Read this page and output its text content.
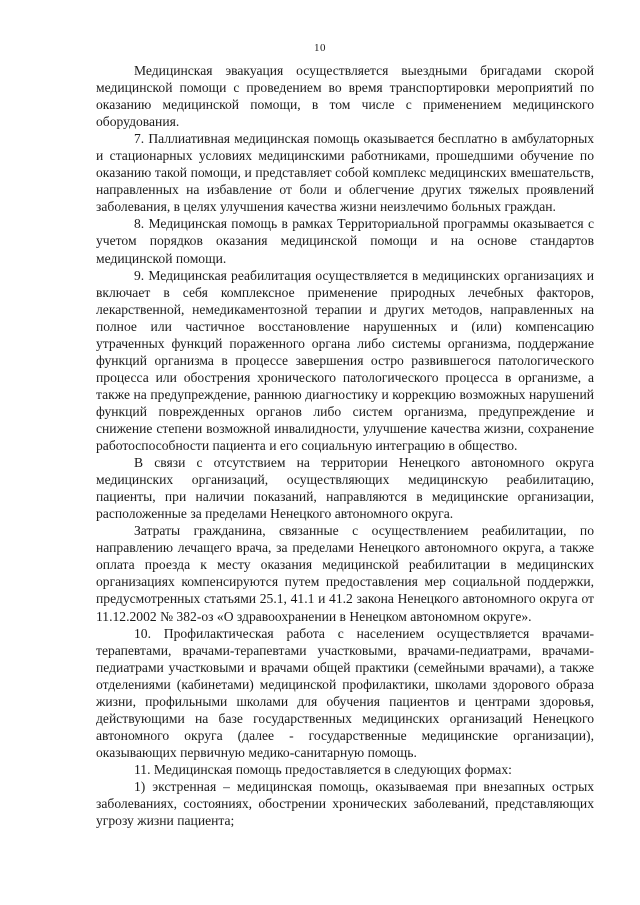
10

Медицинская эвакуация осуществляется выездными бригадами скорой медицинской помощи с проведением во время транспортировки мероприятий по оказанию медицинской помощи, в том числе с применением медицинского оборудования.

7. Паллиативная медицинская помощь оказывается бесплатно в амбулаторных и стационарных условиях медицинскими работниками, прошедшими обучение по оказанию такой помощи, и представляет собой комплекс медицинских вмешательств, направленных на избавление от боли и облегчение других тяжелых проявлений заболевания, в целях улучшения качества жизни неизлечимо больных граждан.

8. Медицинская помощь в рамках Территориальной программы оказывается с учетом порядков оказания медицинской помощи и на основе стандартов медицинской помощи.

9. Медицинская реабилитация осуществляется в медицинских организациях и включает в себя комплексное применение природных лечебных факторов, лекарственной, немедикаментозной терапии и других методов, направленных на полное или частичное восстановление нарушенных и (или) компенсацию утраченных функций пораженного органа либо системы организма, поддержание функций организма в процессе завершения остро развившегося патологического процесса или обострения хронического патологического процесса в организме, а также на предупреждение, раннюю диагностику и коррекцию возможных нарушений функций поврежденных органов либо систем организма, предупреждение и снижение степени возможной инвалидности, улучшение качества жизни, сохранение работоспособности пациента и его социальную интеграцию в общество.

В связи с отсутствием на территории Ненецкого автономного округа медицинских организаций, осуществляющих медицинскую реабилитацию, пациенты, при наличии показаний, направляются в медицинские организации, расположенные за пределами Ненецкого автономного округа.

Затраты гражданина, связанные с осуществлением реабилитации, по направлению лечащего врача, за пределами Ненецкого автономного округа, а также оплата проезда к месту оказания медицинской реабилитации в медицинских организациях компенсируются путем предоставления мер социальной поддержки, предусмотренных статьями 25.1, 41.1 и 41.2 закона Ненецкого автономного округа от 11.12.2002 № 382-оз «О здравоохранении в Ненецком автономном округе».

10. Профилактическая работа с населением осуществляется врачами-терапевтами, врачами-терапевтами участковыми, врачами-педиатрами, врачами-педиатрами участковыми и врачами общей практики (семейными врачами), а также отделениями (кабинетами) медицинской профилактики, школами здорового образа жизни, профильными школами для обучения пациентов и центрами здоровья, действующими на базе государственных медицинских организаций Ненецкого автономного округа (далее - государственные медицинские организации), оказывающих первичную медико-санитарную помощь.

11. Медицинская помощь предоставляется в следующих формах:

1) экстренная – медицинская помощь, оказываемая при внезапных острых заболеваниях, состояниях, обострении хронических заболеваний, представляющих угрозу жизни пациента;
